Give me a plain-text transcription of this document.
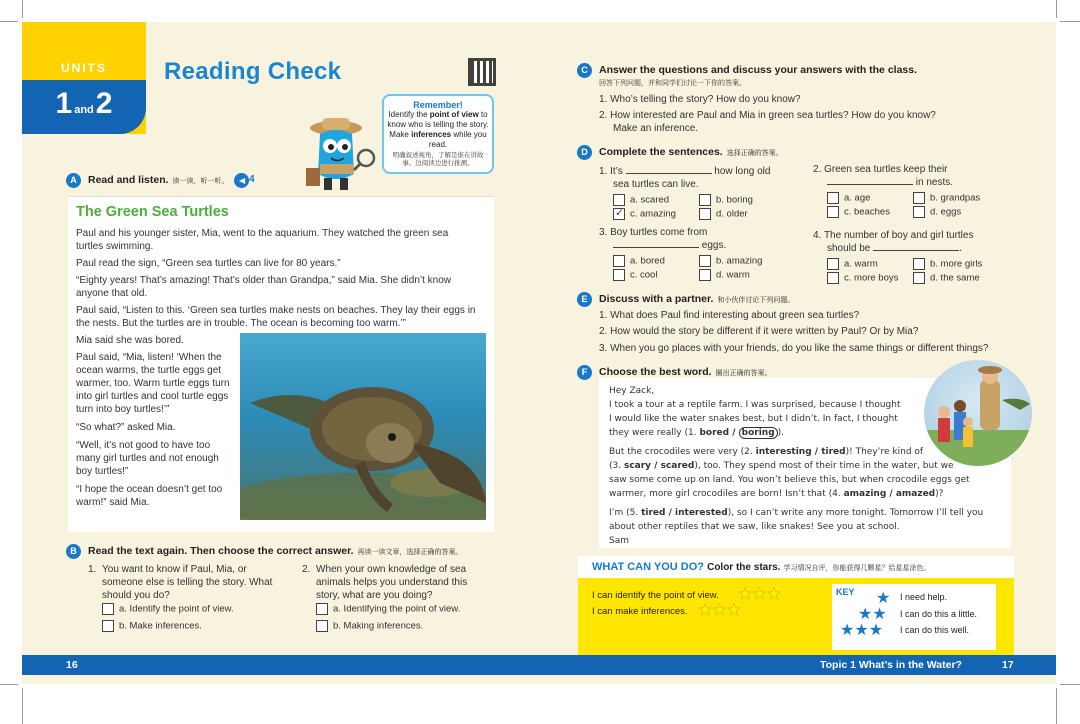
UNITS
1 and2
Reading Check
Remember!
Identify the point of view to know who is telling the story. Make inferences while you read.
明确叙述视角，了解是谁在讲故事。边阅读边进行推测。
A	Read and listen. 读一读，听一听。 ◀ 4
The Green Sea Turtles
Paul and his younger sister, Mia, went to the aquarium. They watched the green sea turtles swimming.
Paul read the sign, “Green sea turtles can live for 80 years.”
“Eighty years! That’s amazing! That’s older than Grandpa,” said Mia. She didn’t know anyone that old.
Paul said, “Listen to this. ‘Green sea turtles make nests on beaches. They lay their eggs in the nests. But the turtles are in trouble. The ocean is becoming too warm.’”
Mia said she was bored.
Paul said, “Mia, listen! ‘When the ocean warms, the turtle eggs get warmer, too. Warm turtle eggs turn into girl turtles and cool turtle eggs turn into boy turtles!’”
“So what?” asked Mia.
“Well, it’s not good to have too many girl turtles and not enough boy turtles!”
“I hope the ocean doesn’t get too warm!” said Mia.
B	Read the text again. Then choose the correct answer. 再读一读文章，选择正确的答案。
1. You want to know if Paul, Mia, or someone else is telling the story. What should you do?
a. Identify the point of view.
b. Make inferences.
2. When your own knowledge of sea animals helps you understand this story, what are you doing?
a. Identifying the point of view.
b. Making inferences.
C	Answer the questions and discuss your answers with the class.
回答下列问题，并和同学们讨论一下你的答案。
1. Who’s telling the story? How do you know?
2. How interested are Paul and Mia in green sea turtles? How do you know?
Make an inference.
D	Complete the sentences. 选择正确的答案。
1. It’s	how long old
sea turtles can live.
a. scared	b. boring
✓ c. amazing	d. older
2. Green sea turtles keep their
in nests.
a. age	b. grandpas
c. beaches	d. eggs
3. Boy turtles come from
eggs.
a. bored	b. amazing
c. cool	d. warm
4. The number of boy and girl turtles
should be	.
a. warm	b. more girls
c. more boys	d. the same
E	Discuss with a partner. 和小伙伴讨论下列问题。
1. What does Paul find interesting about green sea turtles?
2. How would the story be different if it were written by Paul? Or by Mia?
3. When you go places with your friends, do you like the same things or different things?
F	Choose the best word. 圈出正确的答案。
Hey Zack,
I took a tour at a reptile farm. I was surprised, because I thought
I would like the water snakes best, but I didn’t. In fact, I thought
they were really (1. bored / boring ).
But the crocodiles were very (2. interesting / tired)! They’re kind of
(3. scary / scared), too. They spend most of their time in the water, but we
saw some come up on land. You won’t believe this, but when crocodile eggs get
warmer, more girl crocodiles are born! Isn’t that (4. amazing / amazed)?
I’m (5. tired / interested), so I can’t write any more tonight. Tomorrow I’ll tell you
about other reptiles that we saw, like snakes! See you at school.
Sam
WHAT CAN YOU DO? Color the stars. 学习情况自评，你能获得几颗星？给星星涂色。
I can identify the point of view. ★★★
I can make inferences. ★★★
KEY ★ I need help.
★★ I can do this a little.
★★★ I can do this well.
16	Topic 1 What’s in the Water?	17
